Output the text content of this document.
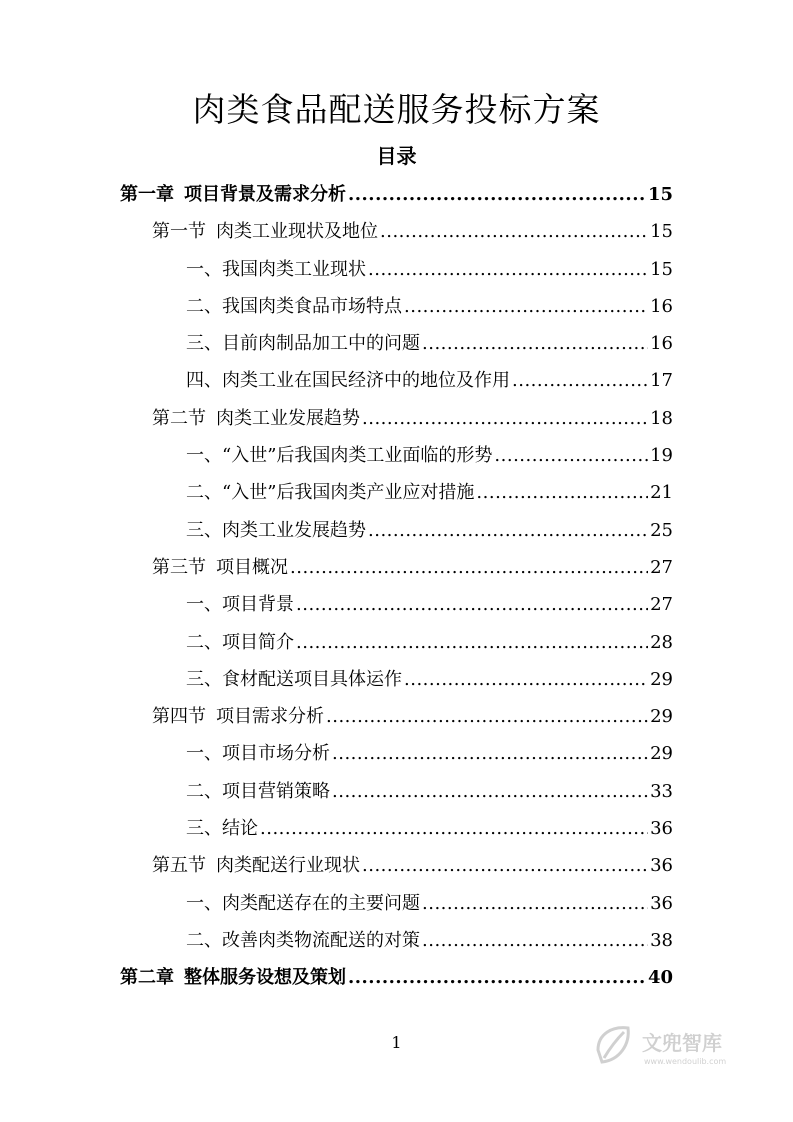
肉类食品配送服务投标方案
目录
第一章 项目背景及需求分析 .....	15
第一节 肉类工业现状及地位 .....	15
一、我国肉类工业现状 .....	15
二、我国肉类食品市场特点 .....	16
三、目前肉制品加工中的问题 .....	16
四、肉类工业在国民经济中的地位及作用 .....	17
第二节 肉类工业发展趋势 .....	18
一、“入世”后我国肉类工业面临的形势 .....	19
二、“入世”后我国肉类产业应对措施 .....	21
三、肉类工业发展趋势 .....	25
第三节 项目概况 .....	27
一、项目背景 .....	27
二、项目简介 .....	28
三、食材配送项目具体运作 .....	29
第四节 项目需求分析 .....	29
一、项目市场分析 .....	29
二、项目营销策略 .....	33
三、结论 .....	36
第五节 肉类配送行业现状 .....	36
一、肉类配送存在的主要问题 .....	36
二、改善肉类物流配送的对策 .....	38
第二章 整体服务设想及策划 .....	40
1	文兜智库
www.wendoulib.com
